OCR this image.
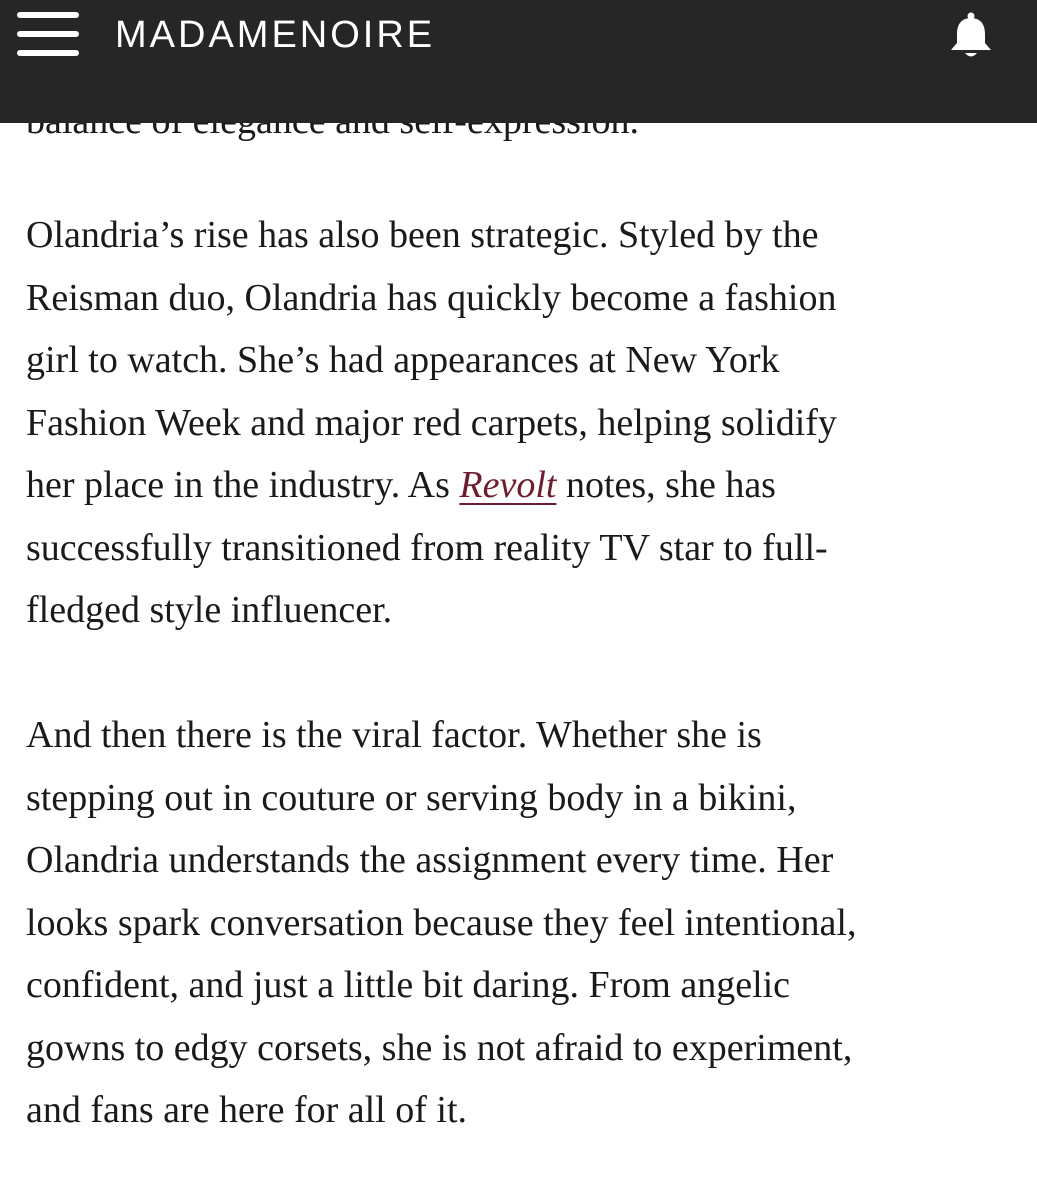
Olandria’s rise has also been strategic. Styled by the
Reisman duo, Olandria has quickly become a fashion
girl to watch. She’s had appearances at New York
Fashion Week and major red carpets, helping solidify
her place in the industry. As Revolt notes, she has
successfully transitioned from reality TV star to full-
fledged style influencer.

And then there is the viral factor. Whether she is
stepping out in couture or serving body in a bikini,
Olandria understands the assignment every time. Her
looks spark conversation because they feel intentional,
confident, and just a little bit daring. From angelic
gowns to edgy corsets, she is not afraid to experiment,
and fans are here for all of it.

MADAMENOIRE
